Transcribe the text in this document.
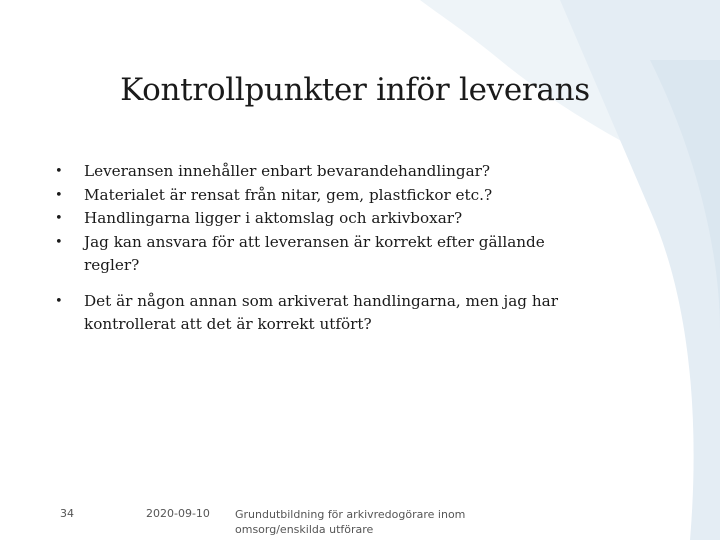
Kontrollpunkter inför leverans
• Leveransen innehåller enbart bevarandehandlingar?
• Materialet är rensat från nitar, gem, plastfickor etc.?
• Handlingarna ligger i aktomslag och arkivboxar?
• Jag kan ansvara för att leveransen är korrekt efter gällande regler?
• Det är någon annan som arkiverat handlingarna, men jag har kontrollerat att det är korrekt utfört?
34	2020-09-10 Grundutbildning för arkivredogörare inom omsorg/enskilda utförare
